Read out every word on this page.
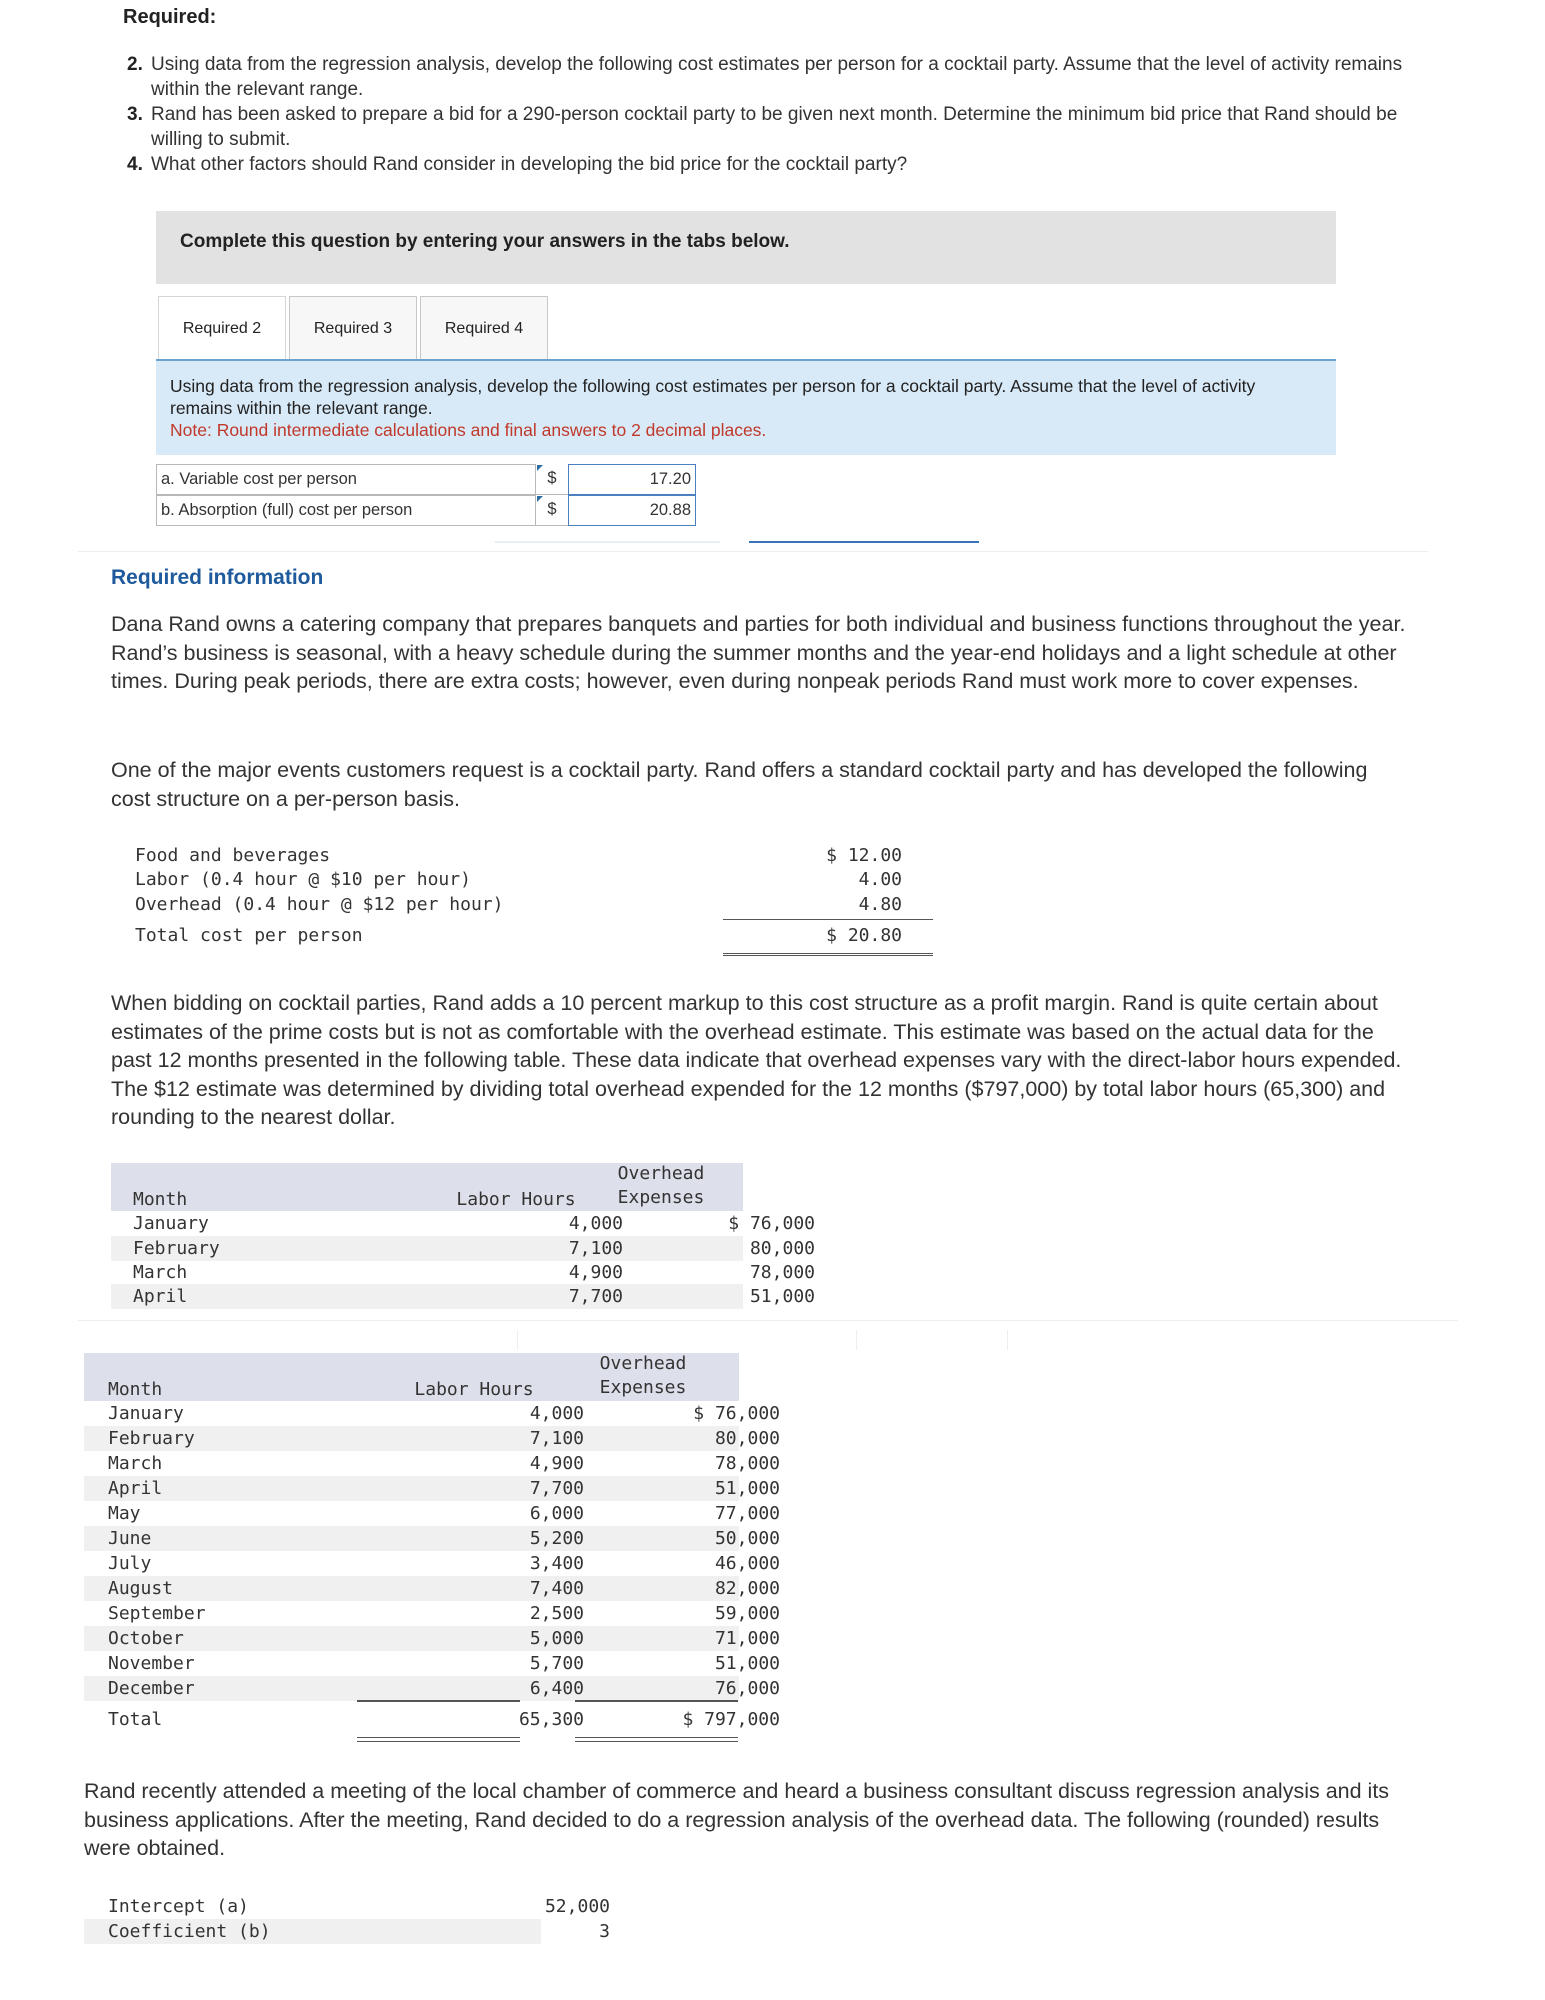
Required:
2. Using data from the regression analysis, develop the following cost estimates per person for a cocktail party. Assume that the level of activity remains within the relevant range.
3. Rand has been asked to prepare a bid for a 290-person cocktail party to be given next month. Determine the minimum bid price that Rand should be willing to submit.
4. What other factors should Rand consider in developing the bid price for the cocktail party?
Complete this question by entering your answers in the tabs below.
Required 2	Required 3	Required 4
Using data from the regression analysis, develop the following cost estimates per person for a cocktail party. Assume that the level of activity remains within the relevant range.
Note: Round intermediate calculations and final answers to 2 decimal places.
a. Variable cost per person	$	17.20
b. Absorption (full) cost per person	$	20.88
Required information
Dana Rand owns a catering company that prepares banquets and parties for both individual and business functions throughout the year. Rand’s business is seasonal, with a heavy schedule during the summer months and the year-end holidays and a light schedule at other times. During peak periods, there are extra costs; however, even during nonpeak periods Rand must work more to cover expenses.
One of the major events customers request is a cocktail party. Rand offers a standard cocktail party and has developed the following cost structure on a per-person basis.
Food and beverages	$ 12.00
Labor (0.4 hour @ $10 per hour)	4.00
Overhead (0.4 hour @ $12 per hour)	4.80
Total cost per person	$ 20.80
When bidding on cocktail parties, Rand adds a 10 percent markup to this cost structure as a profit margin. Rand is quite certain about estimates of the prime costs but is not as comfortable with the overhead estimate. This estimate was based on the actual data for the past 12 months presented in the following table. These data indicate that overhead expenses vary with the direct-labor hours expended. The $12 estimate was determined by dividing total overhead expended for the 12 months ($797,000) by total labor hours (65,300) and rounding to the nearest dollar.
Overhead
Expenses
Month	Labor Hours
January	4,000	$ 76,000
February	7,100	80,000
March	4,900	78,000
April	7,700	51,000
Overhead
Expenses
Month	Labor Hours
January	4,000	$ 76,000
February	7,100	80,000
March	4,900	78,000
April	7,700	51,000
May	6,000	77,000
June	5,200	50,000
July	3,400	46,000
August	7,400	82,000
September	2,500	59,000
October	5,000	71,000
November	5,700	51,000
December	6,400	76,000
Total	65,300	$ 797,000
Rand recently attended a meeting of the local chamber of commerce and heard a business consultant discuss regression analysis and its business applications. After the meeting, Rand decided to do a regression analysis of the overhead data. The following (rounded) results were obtained.
Intercept (a)	52,000
Coefficient (b)	3
